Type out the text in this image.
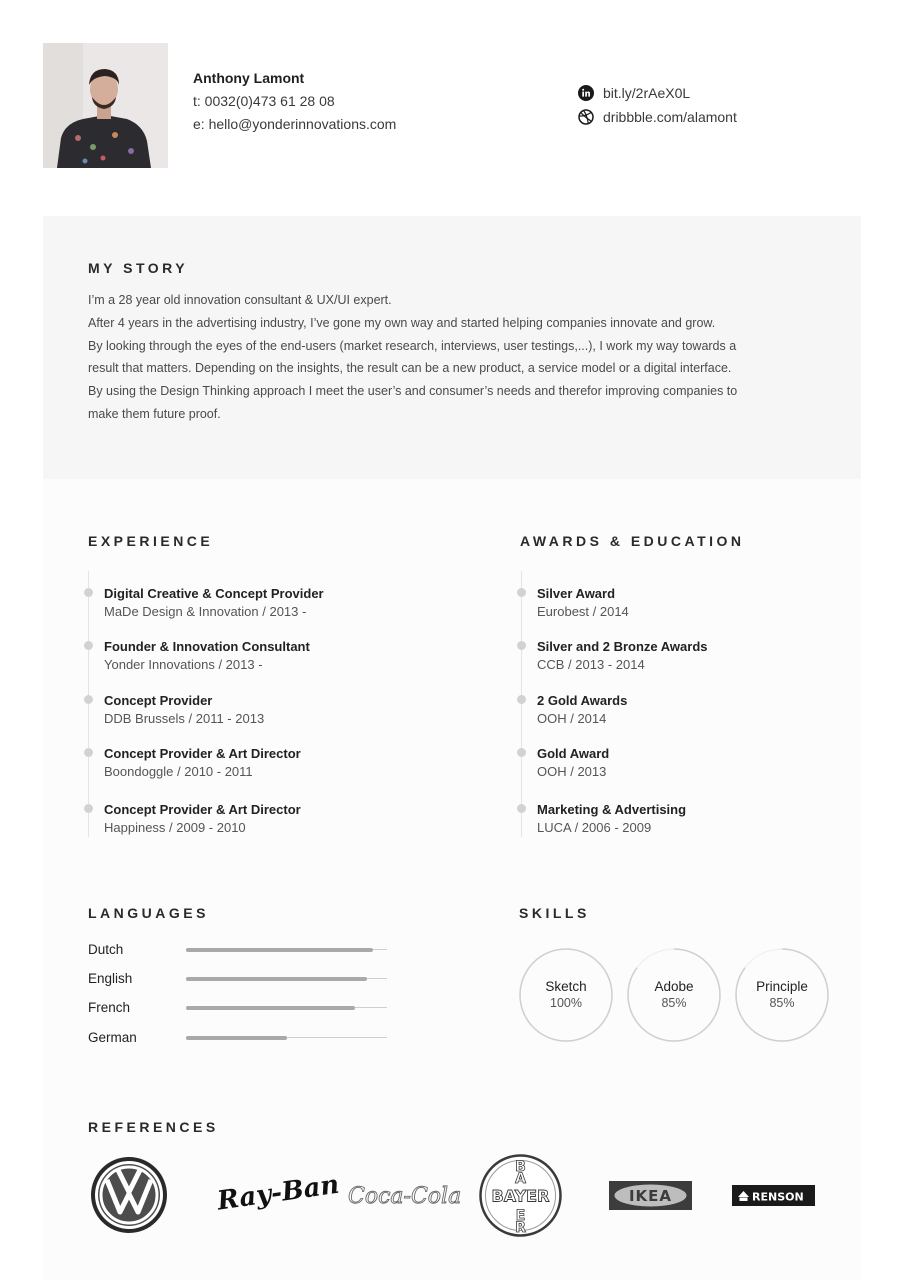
Anthony Lamont
t: 0032(0)473 61 28 08
e: hello@yonderinnovations.com
bit.ly/2rAeX0L
dribbble.com/alamont
MY STORY
I’m a 28 year old innovation consultant & UX/UI expert.
After 4 years in the advertising industry, I’ve gone my own way and started helping companies innovate and grow.
By looking through the eyes of the end-users (market research, interviews, user testings,...), I work my way towards a
result that matters. Depending on the insights, the result can be a new product, a service model or a digital interface.
By using the Design Thinking approach I meet the user’s and consumer’s needs and therefor improving companies to
make them future proof.
EXPERIENCE
Digital Creative & Concept Provider
MaDe Design & Innovation / 2013 -
Founder & Innovation Consultant
Yonder Innovations / 2013 -
Concept Provider
DDB Brussels / 2011 - 2013
Concept Provider & Art Director
Boondoggle / 2010 - 2011
Concept Provider & Art Director
Happiness / 2009 - 2010
AWARDS & EDUCATION
Silver Award
Eurobest / 2014
Silver and 2 Bronze Awards
CCB / 2013 - 2014
2 Gold Awards
OOH / 2014
Gold Award
OOH / 2013
Marketing & Advertising
LUCA / 2006 - 2009
LANGUAGES
Dutch
English
French
German
SKILLS
Sketch
100%
Adobe
85%
Principle
85%
REFERENCES
Ray-Ban Coca-Cola BAYER
B
A
E
R
IKEA	RENSON
